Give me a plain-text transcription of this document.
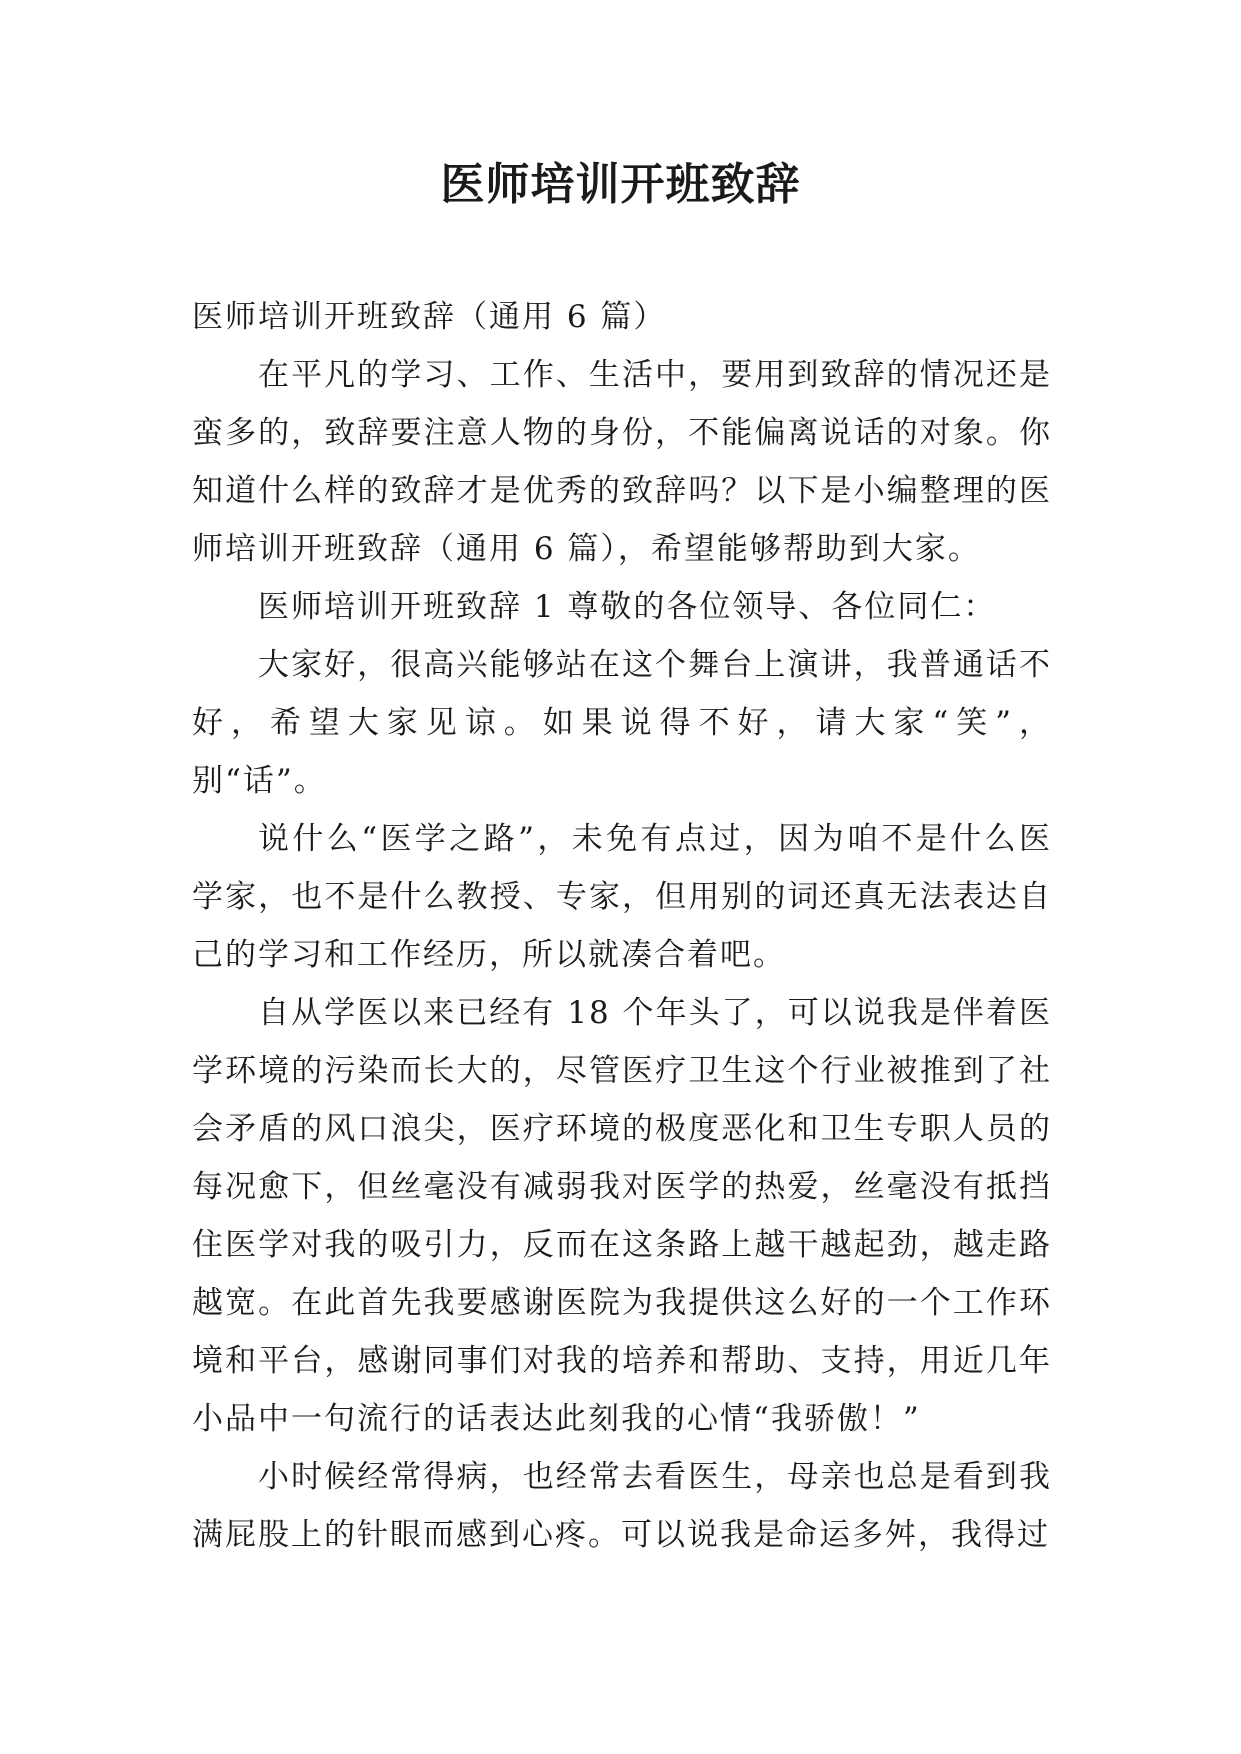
医师培训开班致辞

医师培训开班致辞（通用 6 篇）

在平凡的学习、工作、生活中，要用到致辞的情况还是蛮多的，致辞要注意人物的身份，不能偏离说话的对象。你知道什么样的致辞才是优秀的致辞吗？以下是小编整理的医师培训开班致辞（通用 6 篇），希望能够帮助到大家。

医师培训开班致辞 1 尊敬的各位领导、各位同仁：

大家好，很高兴能够站在这个舞台上演讲，我普通话不好，希望大家见谅。如果说得不好，请大家“笑”，别“话”。

说什么“医学之路”，未免有点过，因为咱不是什么医学家，也不是什么教授、专家，但用别的词还真无法表达自己的学习和工作经历，所以就凑合着吧。

自从学医以来已经有 18 个年头了，可以说我是伴着医学环境的污染而长大的，尽管医疗卫生这个行业被推到了社会矛盾的风口浪尖，医疗环境的极度恶化和卫生专职人员的每况愈下，但丝毫没有减弱我对医学的热爱，丝毫没有抵挡住医学对我的吸引力，反而在这条路上越干越起劲，越走路越宽。在此首先我要感谢医院为我提供这么好的一个工作环境和平台，感谢同事们对我的培养和帮助、支持，用近几年小品中一句流行的话表达此刻我的心情“我骄傲！”

小时候经常得病，也经常去看医生，母亲也总是看到我满屁股上的针眼而感到心疼。可以说我是命运多舛，我得过
